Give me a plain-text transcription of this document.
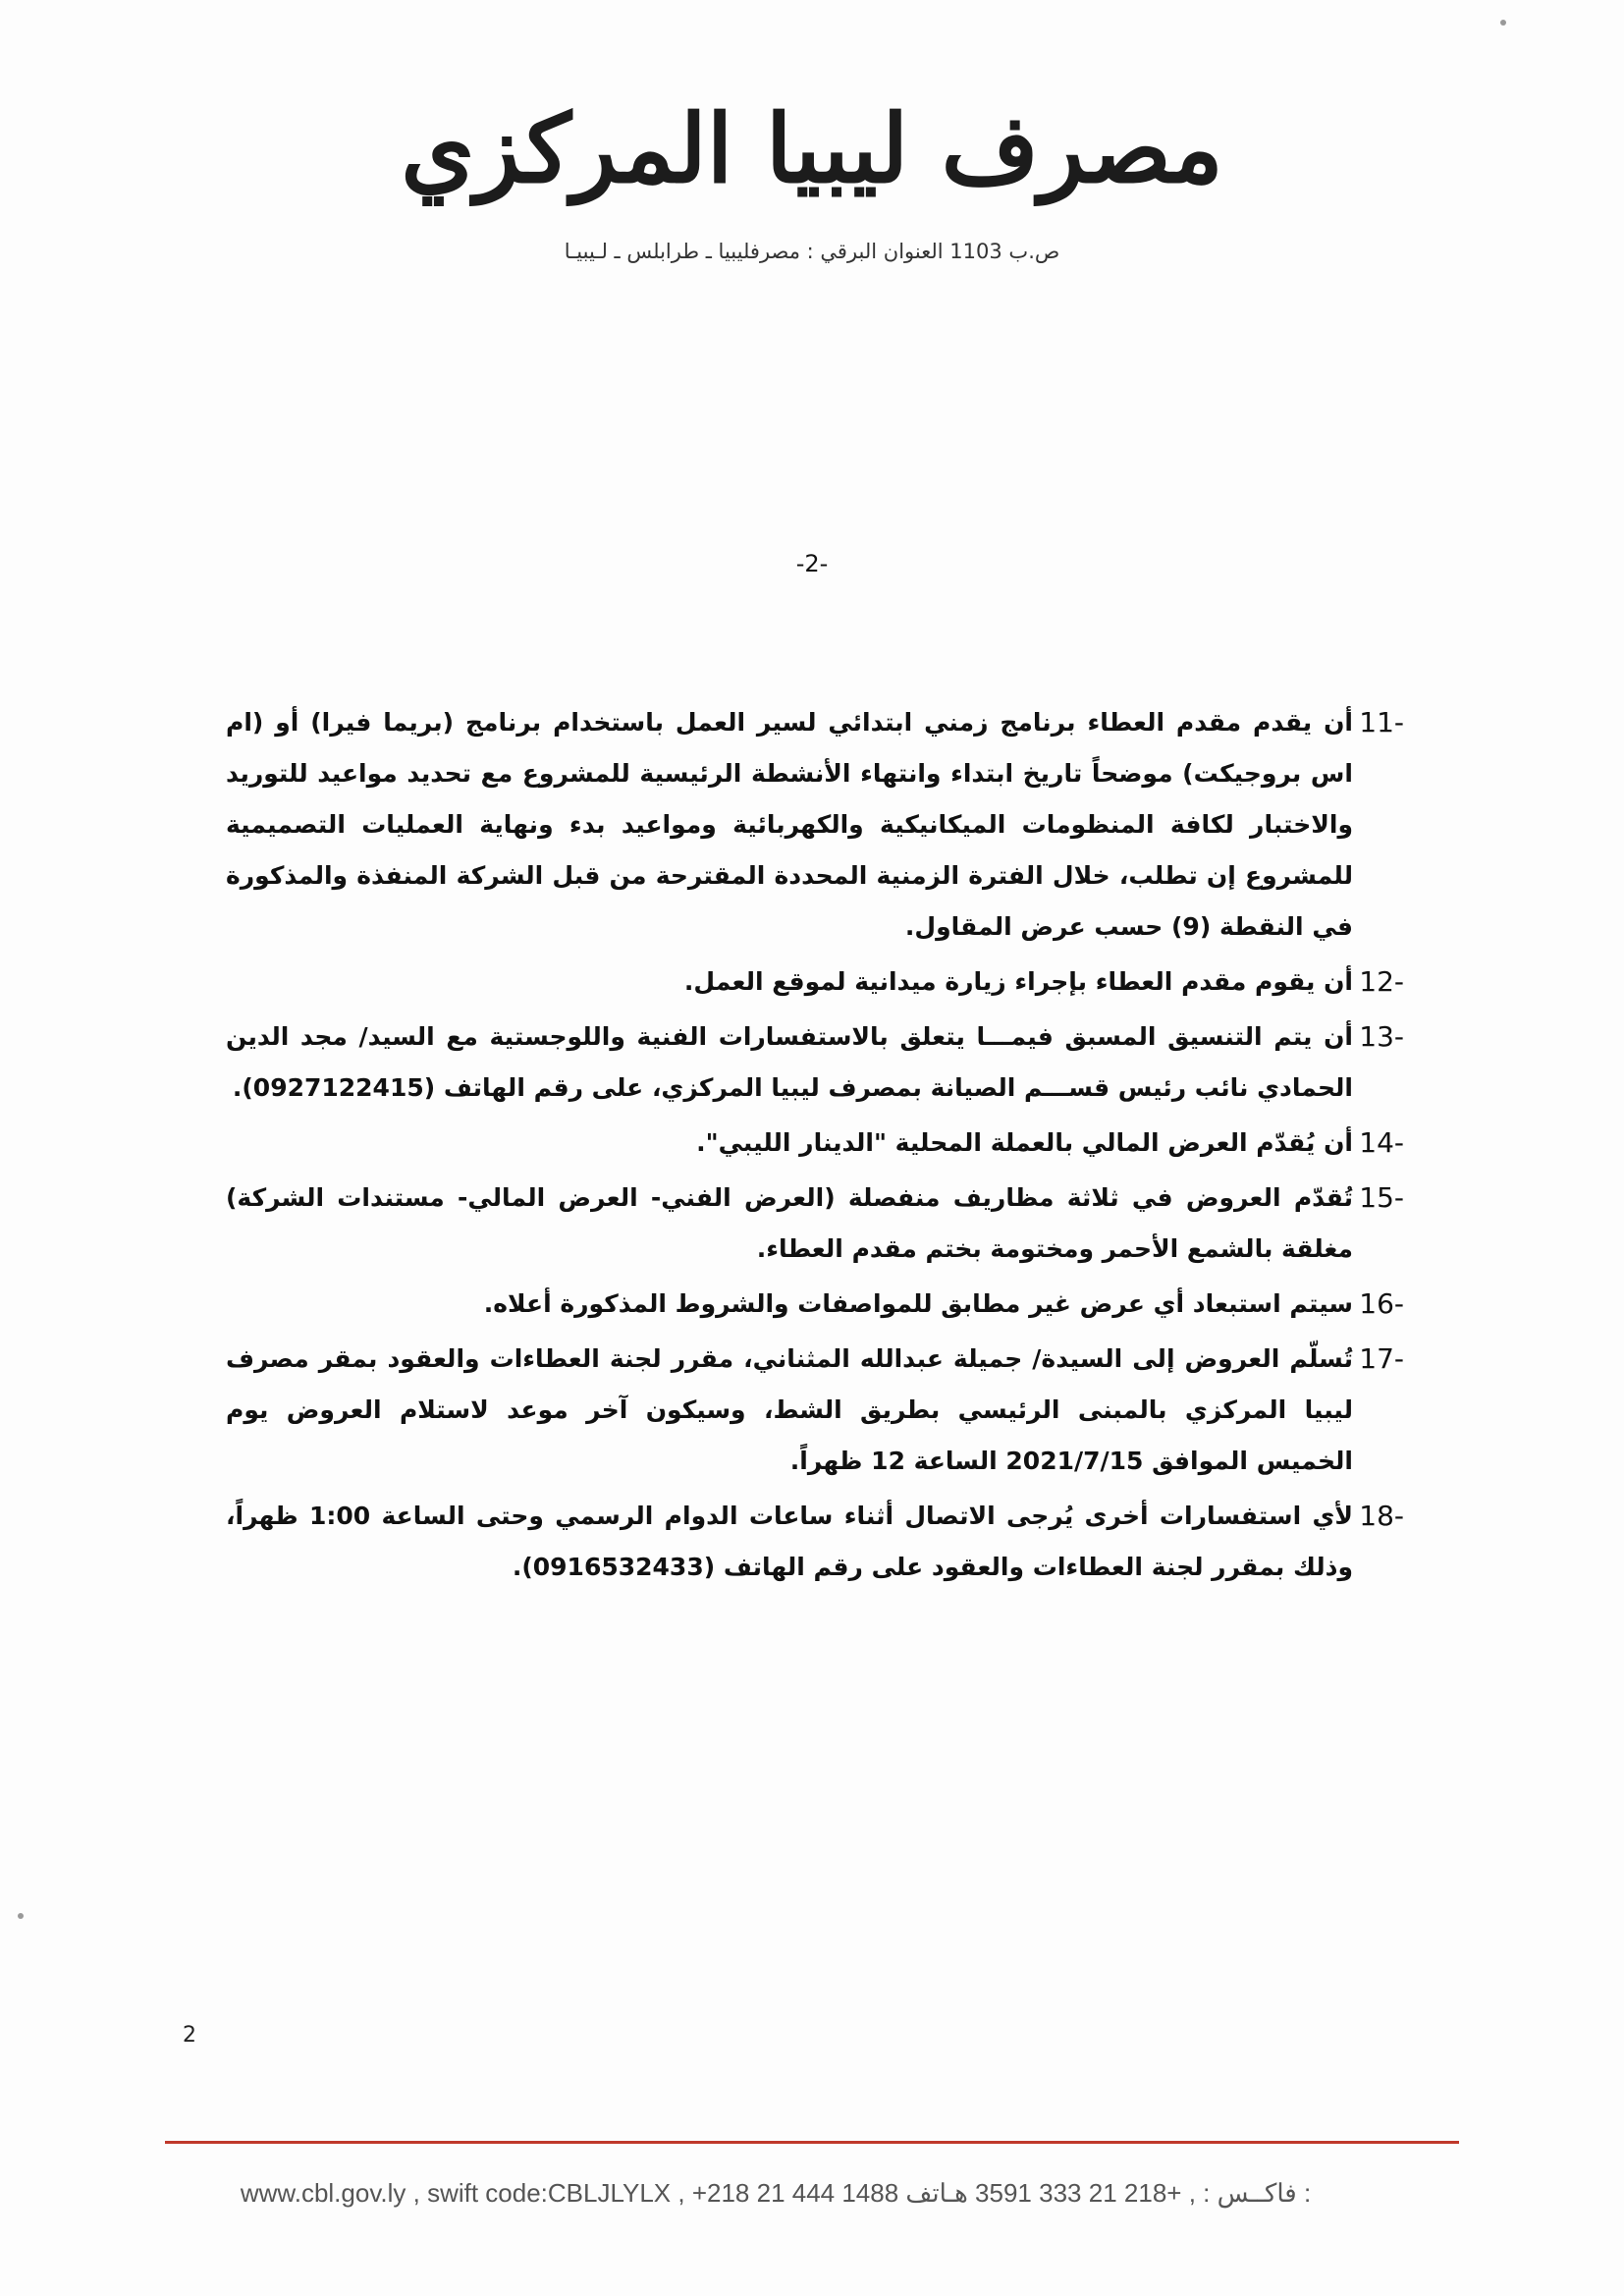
مصرف ليبيا المركزي
ص.ب 1103 العنوان البرقي : مصرفليبيا ـ طرابلس ـ لـيبيـا
-2-
11-
أن يقدم مقدم العطاء برنامج زمني ابتدائي لسير العمل باستخدام برنامج (بريما فيرا) أو (ام اس بروجيكت) موضحاً تاريخ ابتداء وانتهاء الأنشطة الرئيسية للمشروع مع تحديد مواعيد للتوريد والاختبار لكافة المنظومات الميكانيكية والكهربائية ومواعيد بدء ونهاية العمليات التصميمية للمشروع إن تطلب، خلال الفترة الزمنية المحددة المقترحة من قبل الشركة المنفذة والمذكورة في النقطة (9) حسب عرض المقاول.
12-
أن يقوم مقدم العطاء بإجراء زيارة ميدانية لموقع العمل.
13-
أن يتم التنسيق المسبق فيمـــا يتعلق بالاستفسارات الفنية واللوجستية مع السيد/ مجد الدين الحمادي نائب رئيس قســـم الصيانة بمصرف ليبيا المركزي، على رقم الهاتف (0927122415).
14-
أن يُقدّم العرض المالي بالعملة المحلية "الدينار الليبي".
15-
تُقدّم العروض في ثلاثة مظاريف منفصلة (العرض الفني- العرض المالي- مستندات الشركة) مغلقة بالشمع الأحمر ومختومة بختم مقدم العطاء.
16-
سيتم استبعاد أي عرض غير مطابق للمواصفات والشروط المذكورة أعلاه.
17-
تُسلّم العروض إلى السيدة/ جميلة عبدالله المثناني، مقرر لجنة العطاءات والعقود بمقر مصرف ليبيا المركزي بالمبنى الرئيسي بطريق الشط، وسيكون آخر موعد لاستلام العروض يوم الخميس الموافق 2021/7/15 الساعة 12 ظهراً.
18-
لأي استفسارات أخرى يُرجى الاتصال أثناء ساعات الدوام الرسمي وحتى الساعة 1:00 ظهراً، وذلك بمقرر لجنة العطاءات والعقود على رقم الهاتف (0916532433).
2
www.cbl.gov.ly , swift code:CBLJLYLX , +218 21 444 1488 فاكــس : , +218 21 333 3591 هـاتف :
